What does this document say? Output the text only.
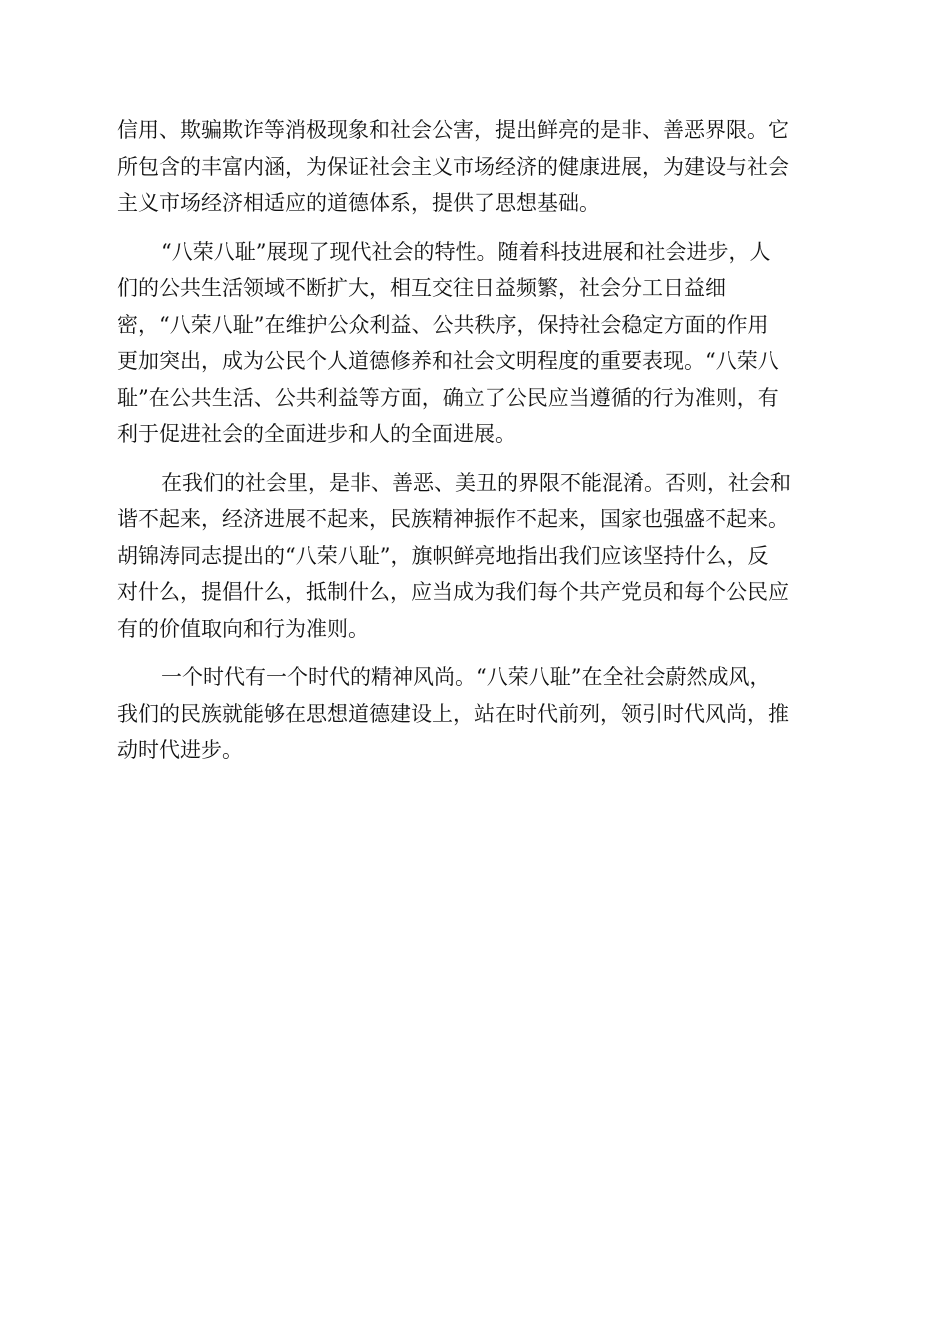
信用、欺骗欺诈等消极现象和社会公害，提出鲜亮的是非、善恶界限。它
所包含的丰富内涵，为保证社会主义市场经济的健康进展，为建设与社会
主义市场经济相适应的道德体系，提供了思想基础。

“八荣八耻”展现了现代社会的特性。随着科技进展和社会进步，人
们的公共生活领域不断扩大，相互交往日益频繁，社会分工日益细
密，“八荣八耻”在维护公众利益、公共秩序，保持社会稳定方面的作用
更加突出，成为公民个人道德修养和社会文明程度的重要表现。“八荣八
耻”在公共生活、公共利益等方面，确立了公民应当遵循的行为准则，有
利于促进社会的全面进步和人的全面进展。

在我们的社会里，是非、善恶、美丑的界限不能混淆。否则，社会和
谐不起来，经济进展不起来，民族精神振作不起来，国家也强盛不起来。
胡锦涛同志提出的“八荣八耻”，旗帜鲜亮地指出我们应该坚持什么，反
对什么，提倡什么，抵制什么，应当成为我们每个共产党员和每个公民应
有的价值取向和行为准则。

一个时代有一个时代的精神风尚。“八荣八耻”在全社会蔚然成风，
我们的民族就能够在思想道德建设上，站在时代前列，领引时代风尚，推
动时代进步。
